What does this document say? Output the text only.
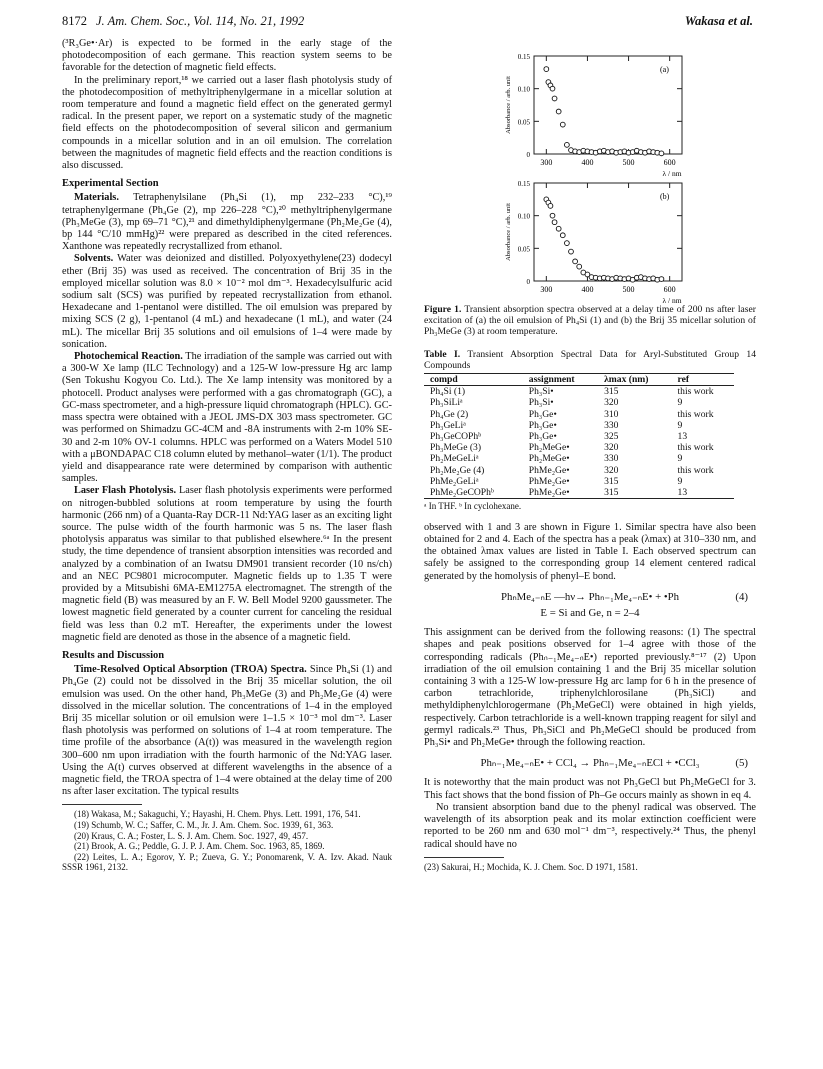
8172 J. Am. Chem. Soc., Vol. 114, No. 21, 1992	Wakasa et al.

(³R₃Ge•·Ar) is expected to be formed in the early stage of the photodecomposition of each germane. This reaction system seems to be favorable for the detection of magnetic field effects.

In the preliminary report,¹⁸ we carried out a laser flash photolysis study of the photodecomposition of methyltriphenylgermane in a micellar solution at room temperature and found a magnetic field effect on the generated germyl radical. In the present paper, we report on a systematic study of the magnetic field effects on the photodecomposition of several silicon and germanium compounds in a micellar solution and in an oil emulsion. The correlation between the magnitudes of magnetic field effects and the reaction conditions is also discussed.

Experimental Section

Materials. Tetraphenylsilane (Ph₄Si (1), mp 232–233 °C),¹⁹ tetraphenylgermane (Ph₄Ge (2), mp 226–228 °C),²⁰ methyltriphenylgermane (Ph₃MeGe (3), mp 69–71 °C),²¹ and dimethyldiphenylgermane (Ph₂Me₂Ge (4), bp 144 °C/10 mmHg)²² were prepared as described in the cited references. Xanthone was repeatedly recrystallized from ethanol.

Solvents. Water was deionized and distilled. Polyoxyethylene(23) dodecyl ether (Brij 35) was used as received. The concentration of Brij 35 in the employed micellar solution was 8.0 × 10⁻² mol dm⁻³. Hexadecylsulfuric acid sodium salt (SCS) was purified by repeated recrystallization from ethanol. Hexadecane and 1-pentanol were distilled. The oil emulsion was prepared by mixing SCS (2 g), 1-pentanol (4 mL) and hexadecane (1 mL), and water (24 mL). The micellar Brij 35 solutions and oil emulsions of 1–4 were made by sonication.

Photochemical Reaction. The irradiation of the sample was carried out with a 300-W Xe lamp (ILC Technology) and a 125-W low-pressure Hg arc lamp (Sen Tokushu Kogyou Co. Ltd.). The Xe lamp intensity was monitored by a photocell. Product analyses were performed with a gas chromatograph (GC), a GC-mass spectrometer, and a high-pressure liquid chromatograph (HPLC). GC-mass spectra were obtained with a JEOL JMS-DX 303 mass spectrometer. GC was performed on Shimadzu GC-4CM and -8A instruments with 2-m 10% SE-30 and 2-m 10% OV-1 columns. HPLC was performed on a Waters Model 510 with a μBONDAPAC C18 column eluted by methanol–water (1/1). The product yield and disappearance rate were determined by comparison with authentic samples.

Laser Flash Photolysis. Laser flash photolysis experiments were performed on nitrogen-bubbled solutions at room temperature by using the fourth harmonic (266 nm) of a Quanta-Ray DCR-11 Nd:YAG laser as an exciting light source. The pulse width of the fourth harmonic was 5 ns. The laser flash photolysis apparatus was similar to that published elsewhere.⁶ᵃ In the present study, the time dependence of transient absorption intensities was recorded and analyzed by a combination of an Iwatsu DM901 transient recorder (10 ns/ch) and an NEC PC9801 microcomputer. Magnetic fields up to 1.35 T were provided by a Mitsubishi 6MA-EM1275A electromagnet. The strength of the magnetic field (B) was measured by an F. W. Bell Model 9200 gaussmeter. The lowest magnetic field generated by a counter current for canceling the residual field was less than 0.2 mT. Hereafter, the experiments under the lowest magnetic field are denoted as those in the absence of a magnetic field.

Results and Discussion

Time-Resolved Optical Absorption (TROA) Spectra. Since Ph₄Si (1) and Ph₄Ge (2) could not be dissolved in the Brij 35 micellar solution, the oil emulsion was used. On the other hand, Ph₃MeGe (3) and Ph₂Me₂Ge (4) were dissolved in the micellar solution. The concentrations of 1–4 in the employed Brij 35 micellar solution or oil emulsion were 1–1.5 × 10⁻³ mol dm⁻³. Laser flash photolysis was performed on solutions of 1–4 at room temperature. The time profile of the absorbance (A(t)) was measured in the wavelength region 300–600 nm upon irradiation with the fourth harmonic of the Nd:YAG laser. Using the A(t) curves observed at different wavelengths in the absence of a magnetic field, the TROA spectra of 1–4 were obtained at the delay time of 200 ns after laser excitation. The typical results

(18) Wakasa, M.; Sakaguchi, Y.; Hayashi, H. Chem. Phys. Lett. 1991, 176, 541.

(19) Schumb, W. C.; Saffer, C. M., Jr. J. Am. Chem. Soc. 1939, 61, 363.

(20) Kraus, C. A.; Foster, L. S. J. Am. Chem. Soc. 1927, 49, 457.

(21) Brook, A. G.; Peddle, G. J. P. J. Am. Chem. Soc. 1963, 85, 1869.

(22) Leites, L. A.; Egorov, Y. P.; Zueva, G. Y.; Ponomarenk, V. A. Izv. Akad. Nauk SSSR 1961, 2132.

0.15
0.10
0.05
0
300	400	500	600
(a)
Absorbance / arb. unit
λ / nm
0.15
0.10
0.05
0
300	400	500	600
(b)
Absorbance / arb. unit
λ / nm
Figure 1. Transient absorption spectra observed at a delay time of 200 ns after laser excitation of (a) the oil emulsion of Ph₄Si (1) and (b) the Brij 35 micellar solution of Ph₃MeGe (3) at room temperature.
Table I. Transient Absorption Spectral Data for Aryl-Substituted Group 14 Compounds
compd	assignment	λmax (nm)	ref
Ph₄Si (1)	Ph₃Si•	315	this work
Ph₃SiLiᵃ	Ph₃Si•	320	9
Ph₄Ge (2)	Ph₃Ge•	310	this work
Ph₃GeLiᵃ	Ph₃Ge•	330	9
Ph₃GeCOPhᵇ	Ph₃Ge•	325	13
Ph₃MeGe (3)	Ph₂MeGe•	320	this work
Ph₂MeGeLiᵃ	Ph₂MeGe•	330	9
Ph₂Me₂Ge (4)	PhMe₂Ge•	320	this work
PhMe₂GeLiᵃ	PhMe₂Ge•	315	9
PhMe₂GeCOPhᵇ	PhMe₂Ge•	315	13
ᵃ In THF. ᵇ In cyclohexane.

observed with 1 and 3 are shown in Figure 1. Similar spectra have also been obtained for 2 and 4. Each of the spectra has a peak (λmax) at 310–330 nm, and the obtained λmax values are listed in Table I. Each observed spectrum can safely be assigned to the corresponding group 14 element centered radical generated by the homolysis of phenyl–E bond.

PhₙMe₄₋ₙE ―hν→ Phₙ₋₁Me₄₋ₙE• + •Ph	(4)
E = Si and Ge, n = 2–4

This assignment can be derived from the following reasons: (1) The spectral shapes and peak positions observed for 1–4 agree with those of the corresponding radicals (Phₙ₋₁Me₄₋ₙE•) reported previously.⁸⁻¹⁷ (2) Upon irradiation of the oil emulsion containing 1 and the Brij 35 micellar solution containing 3 with a 125-W low-pressure Hg arc lamp for 6 h in the presence of carbon tetrachloride, triphenylchlorosilane (Ph₃SiCl) and methyldiphenylchlorogermane (Ph₂MeGeCl) were obtained in high yields, respectively. Carbon tetrachloride is a well-known trapping reagent for silyl and germyl radicals.²³ Thus, Ph₃SiCl and Ph₂MeGeCl should be produced from Ph₃Si• and Ph₂MeGe• through the following reaction.

Phₙ₋₁Me₄₋ₙE• + CCl₄ → Phₙ₋₁Me₄₋ₙECl + •CCl₃	(5)

It is noteworthy that the main product was not Ph₃GeCl but Ph₂MeGeCl for 3. This fact shows that the bond fission of Ph–Ge occurs mainly as shown in eq 4.

No transient absorption band due to the phenyl radical was observed. The wavelength of its absorption peak and its molar extinction coefficient were reported to be 260 nm and 630 mol⁻¹ dm⁻³, respectively.²⁴ Thus, the phenyl radical should have no

(23) Sakurai, H.; Mochida, K. J. Chem. Soc. D 1971, 1581.
